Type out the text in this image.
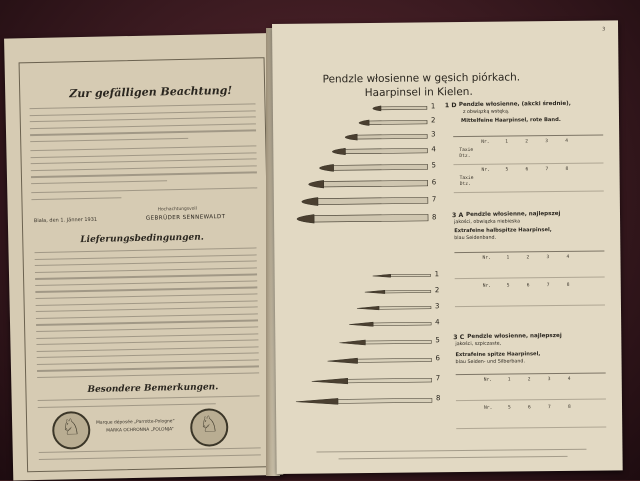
Zur gefälligen Beachtung!
Hochachtungsvoll
Biala, den 1. Jänner 1931	GEBRÜDER SENNEWALDT
Lieferungsbedingungen.
Besondere Bemerkungen.
♘
♘
Marque déposée „Parrotte-Pologne“
MARKA OCHRONNA „POLONJA“
3
Pendzle włosienne w gęsich piórkach.
Haarpinsel in Kielen.
1
2
3
4
5
6
7
8
1 D Pendzle włosienne, (akcki średnie),
z obwiązką wstęką.
Mittelfeine Haarpinsel, rote Band.
Nr.	1	2	3	4
Taxie
Dtz.
Nr.	5	6	7	8
Taxie
Dtz.
3 A Pendzle włosienne, najlepszej
jakości, obwiązka niebieska
Extrafeine halbspitze Haarpinsel,
blau Seidenband.
1
2
3
4
5
6
7
8
Nr.	1	2	3	4
Nr.	5	6	7	8
3 C Pendzle włosienne, najlepszej
jakości, szpiczaste,
Extrafeine spitze Haarpinsel,
blau Seiden- und Silberband.
Nr.	1	2	3	4
Nr.	5	6	7	8
